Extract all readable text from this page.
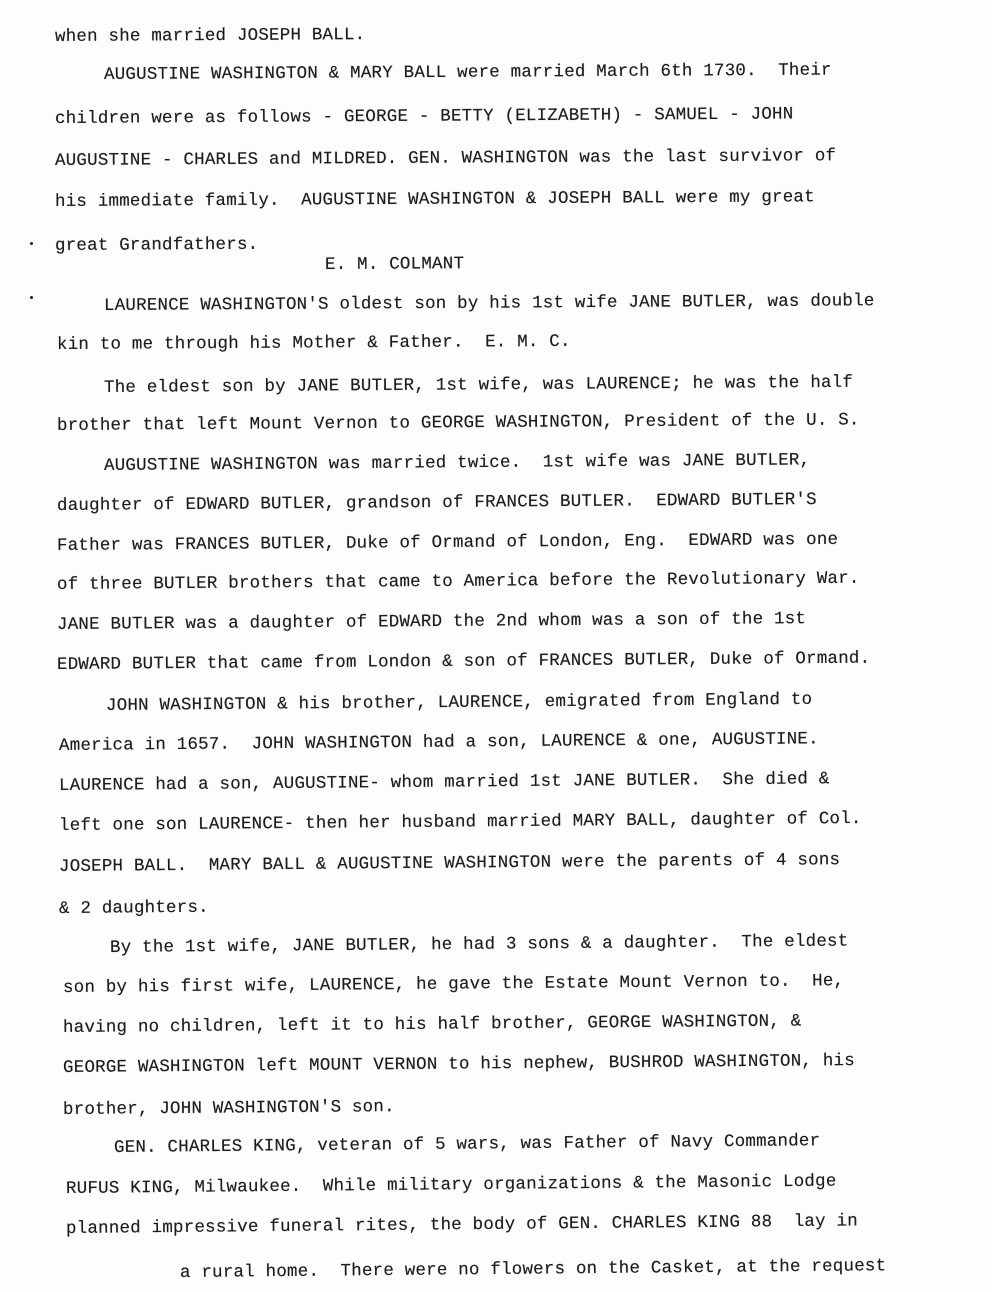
when she married JOSEPH BALL.
AUGUSTINE WASHINGTON & MARY BALL were married March 6th 1730.  Their
children were as follows - GEORGE - BETTY (ELIZABETH) - SAMUEL - JOHN
AUGUSTINE - CHARLES and MILDRED. GEN. WASHINGTON was the last survivor of
his immediate family.  AUGUSTINE WASHINGTON & JOSEPH BALL were my great
great Grandfathers.
E. M. COLMANT
LAURENCE WASHINGTON'S oldest son by his 1st wife JANE BUTLER, was double
kin to me through his Mother & Father.  E. M. C.
The eldest son by JANE BUTLER, 1st wife, was LAURENCE; he was the half
brother that left Mount Vernon to GEORGE WASHINGTON, President of the U. S.
AUGUSTINE WASHINGTON was married twice.  1st wife was JANE BUTLER,
daughter of EDWARD BUTLER, grandson of FRANCES BUTLER.  EDWARD BUTLER'S
Father was FRANCES BUTLER, Duke of Ormand of London, Eng.  EDWARD was one
of three BUTLER brothers that came to America before the Revolutionary War.
JANE BUTLER was a daughter of EDWARD the 2nd whom was a son of the 1st
EDWARD BUTLER that came from London & son of FRANCES BUTLER, Duke of Ormand.
JOHN WASHINGTON & his brother, LAURENCE, emigrated from England to
America in 1657.  JOHN WASHINGTON had a son, LAURENCE & one, AUGUSTINE.
LAURENCE had a son, AUGUSTINE- whom married 1st JANE BUTLER.  She died &
left one son LAURENCE- then her husband married MARY BALL, daughter of Col.
JOSEPH BALL.  MARY BALL & AUGUSTINE WASHINGTON were the parents of 4 sons
& 2 daughters.
By the 1st wife, JANE BUTLER, he had 3 sons & a daughter.  The eldest
son by his first wife, LAURENCE, he gave the Estate Mount Vernon to.  He,
having no children, left it to his half brother, GEORGE WASHINGTON, &
GEORGE WASHINGTON left MOUNT VERNON to his nephew, BUSHROD WASHINGTON, his
brother, JOHN WASHINGTON'S son.
GEN. CHARLES KING, veteran of 5 wars, was Father of Navy Commander
RUFUS KING, Milwaukee.  While military organizations & the Masonic Lodge
planned impressive funeral rites, the body of GEN. CHARLES KING 88  lay in
a rural home.  There were no flowers on the Casket, at the request
